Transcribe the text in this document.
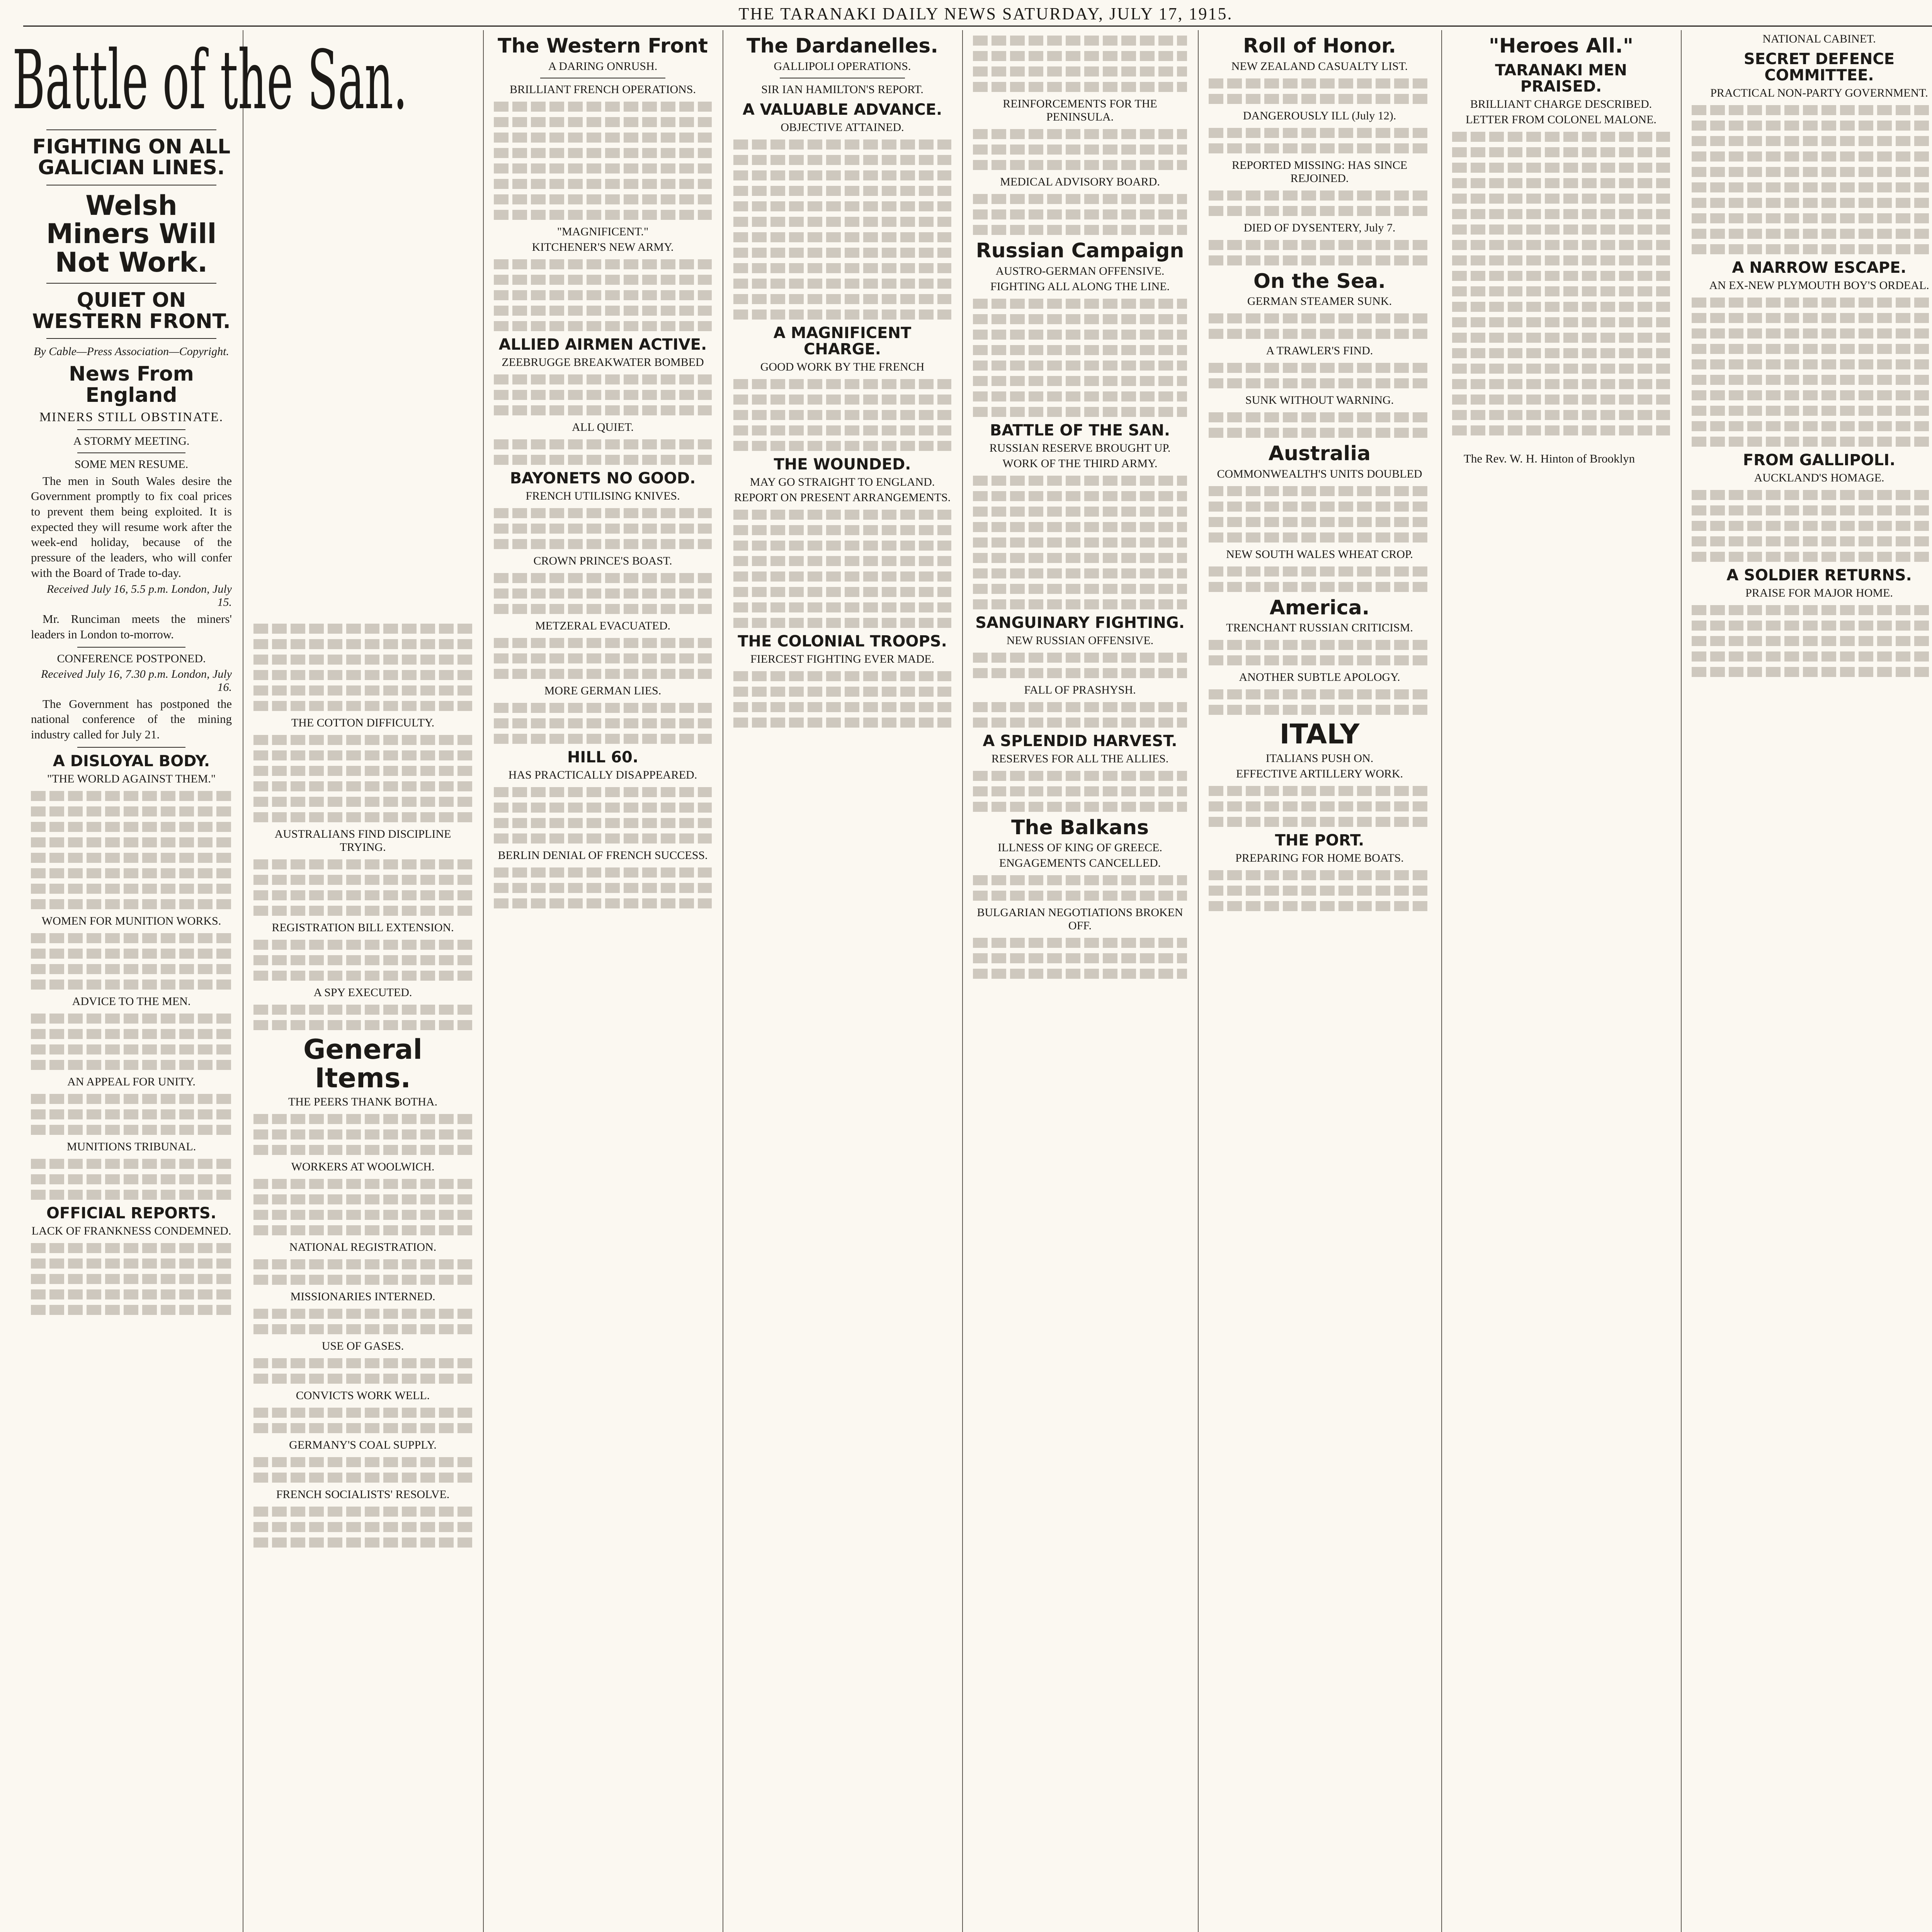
THE TARANAKI DAILY NEWS SATURDAY, JULY 17, 1915.
Battle of the San.
FIGHTING ON ALL GALICIAN LINES.
Welsh Miners Will Not Work.
QUIET ON WESTERN FRONT.
By Cable—Press Association—Copyright.
News From England
MINERS STILL OBSTINATE.
A STORMY MEETING.
SOME MEN RESUME.
The men in South Wales desire the Government promptly to fix coal prices to prevent them being exploited. It is expected they will resume work after the week-end holiday, because of the pressure of the leaders, who will confer with the Board of Trade to-day.
Received July 16, 5.5 p.m. London, July 15.
Mr. Runciman meets the miners' leaders in London to-morrow.
CONFERENCE POSTPONED.
Received July 16, 7.30 p.m. London, July 16.
The Government has postponed the national conference of the mining industry called for July 21.
A DISLOYAL BODY.
"THE WORLD AGAINST THEM."
WOMEN FOR MUNITION WORKS.
ADVICE TO THE MEN.
AN APPEAL FOR UNITY.
MUNITIONS TRIBUNAL.
OFFICIAL REPORTS.
LACK OF FRANKNESS CONDEMNED.
THE COTTON DIFFICULTY.
AUSTRALIANS FIND DISCIPLINE TRYING.
REGISTRATION BILL EXTENSION.
A SPY EXECUTED.
General Items.
THE PEERS THANK BOTHA.
WORKERS AT WOOLWICH.
NATIONAL REGISTRATION.
MISSIONARIES INTERNED.
USE OF GASES.
CONVICTS WORK WELL.
GERMANY'S COAL SUPPLY.
FRENCH SOCIALISTS' RESOLVE.
The Western Front
A DARING ONRUSH.
BRILLIANT FRENCH OPERATIONS.
"MAGNIFICENT."
KITCHENER'S NEW ARMY.
ALLIED AIRMEN ACTIVE.
ZEEBRUGGE BREAKWATER BOMBED
ALL QUIET.
BAYONETS NO GOOD.
FRENCH UTILISING KNIVES.
CROWN PRINCE'S BOAST.
METZERAL EVACUATED.
MORE GERMAN LIES.
HILL 60.
HAS PRACTICALLY DISAPPEARED.
BERLIN DENIAL OF FRENCH SUCCESS.
The Dardanelles.
GALLIPOLI OPERATIONS.
SIR IAN HAMILTON'S REPORT.
A VALUABLE ADVANCE.
OBJECTIVE ATTAINED.
A MAGNIFICENT CHARGE.
GOOD WORK BY THE FRENCH
THE WOUNDED.
MAY GO STRAIGHT TO ENGLAND.
REPORT ON PRESENT ARRANGEMENTS.
THE COLONIAL TROOPS.
FIERCEST FIGHTING EVER MADE.
REINFORCEMENTS FOR THE PENINSULA.
MEDICAL ADVISORY BOARD.
Russian Campaign
AUSTRO-GERMAN OFFENSIVE.
FIGHTING ALL ALONG THE LINE.
BATTLE OF THE SAN.
RUSSIAN RESERVE BROUGHT UP.
WORK OF THE THIRD ARMY.
SANGUINARY FIGHTING.
NEW RUSSIAN OFFENSIVE.
FALL OF PRASHYSH.
A SPLENDID HARVEST.
RESERVES FOR ALL THE ALLIES.
The Balkans
ILLNESS OF KING OF GREECE.
ENGAGEMENTS CANCELLED.
BULGARIAN NEGOTIATIONS BROKEN OFF.
Roll of Honor.
NEW ZEALAND CASUALTY LIST.
DANGEROUSLY ILL (July 12).
REPORTED MISSING: HAS SINCE REJOINED.
DIED OF DYSENTERY, July 7.
On the Sea.
GERMAN STEAMER SUNK.
A TRAWLER'S FIND.
SUNK WITHOUT WARNING.
Australia
COMMONWEALTH'S UNITS DOUBLED
NEW SOUTH WALES WHEAT CROP.
America.
TRENCHANT RUSSIAN CRITICISM.
ANOTHER SUBTLE APOLOGY.
ITALY
ITALIANS PUSH ON.
EFFECTIVE ARTILLERY WORK.
THE PORT.
PREPARING FOR HOME BOATS.
"Heroes All."
TARANAKI MEN PRAISED.
BRILLIANT CHARGE DESCRIBED.
LETTER FROM COLONEL MALONE.
The Rev. W. H. Hinton of Brooklyn
NATIONAL CABINET.
SECRET DEFENCE COMMITTEE.
PRACTICAL NON-PARTY GOVERNMENT.
A NARROW ESCAPE.
AN EX-NEW PLYMOUTH BOY'S ORDEAL.
FROM GALLIPOLI.
AUCKLAND'S HOMAGE.
A SOLDIER RETURNS.
PRAISE FOR MAJOR HOME.
